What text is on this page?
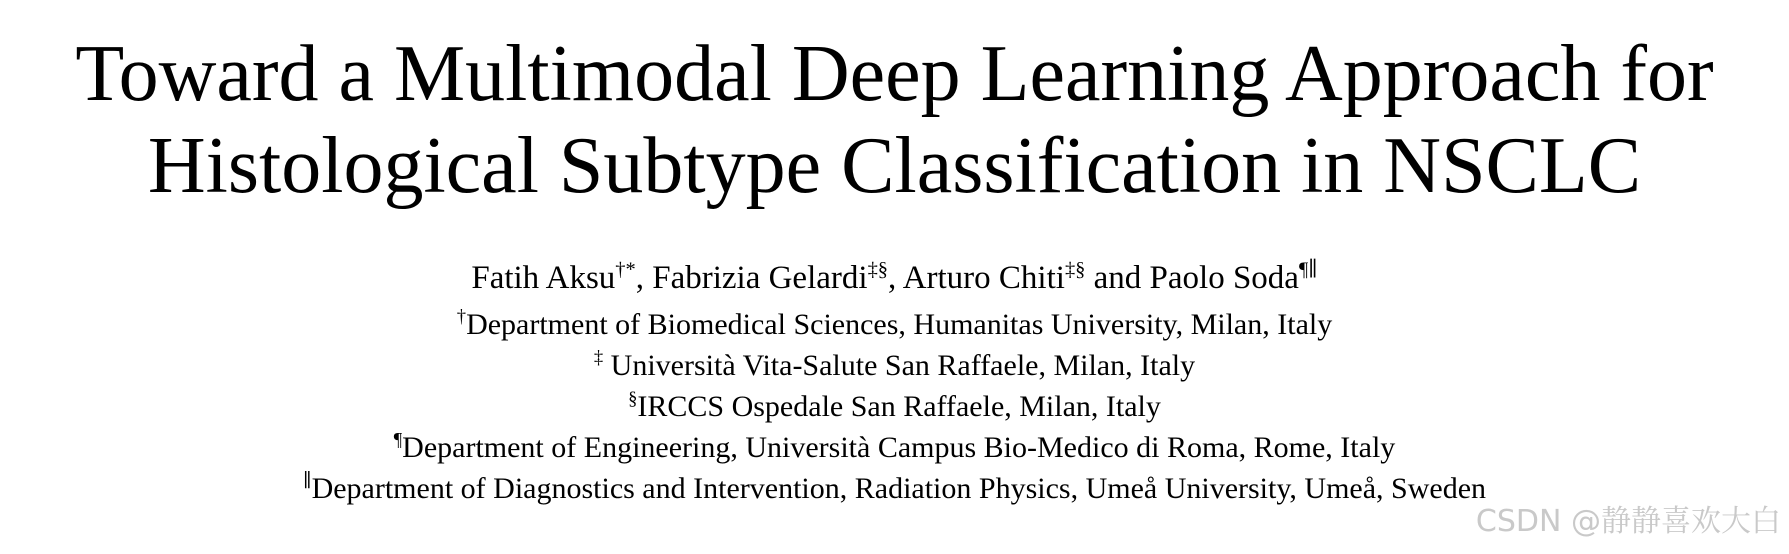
Toward a Multimodal Deep Learning Approach for
Histological Subtype Classification in NSCLC
Fatih Aksu†*, Fabrizia Gelardi‡§, Arturo Chiti‡§ and Paolo Soda¶∥
†Department of Biomedical Sciences, Humanitas University, Milan, Italy
‡ Università Vita-Salute San Raffaele, Milan, Italy
§IRCCS Ospedale San Raffaele, Milan, Italy
¶Department of Engineering, Università Campus Bio-Medico di Roma, Rome, Italy
∥Department of Diagnostics and Intervention, Radiation Physics, Umeå University, Umeå, Sweden
CSDN @静静喜欢大白
